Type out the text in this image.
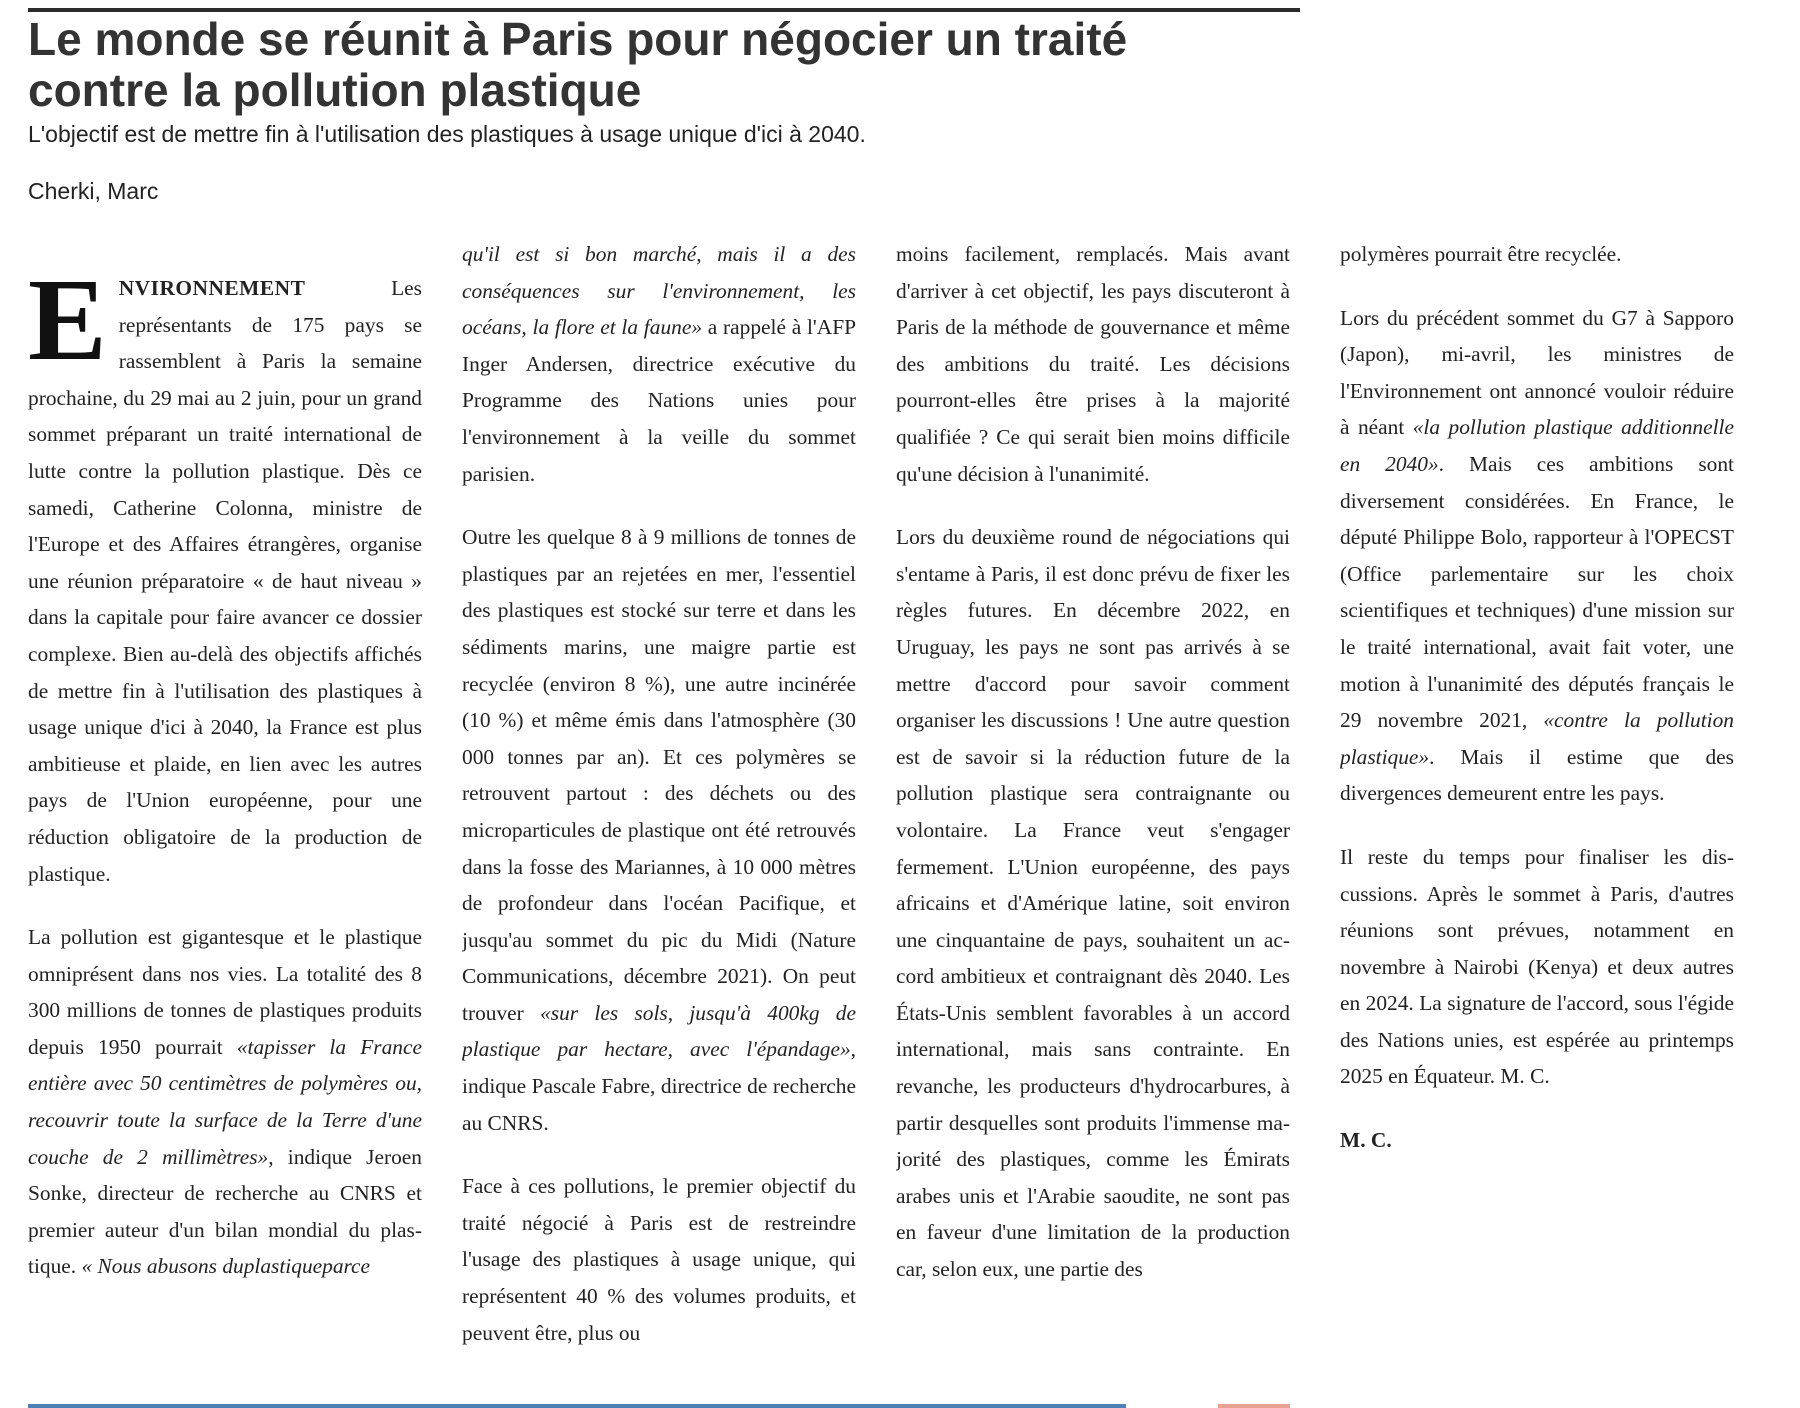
Le monde se réunit à Paris pour négocier un traité contre la pollution plastique

L'objectif est de mettre fin à l'utilisation des plastiques à usage unique d'ici à 2040.

Cherki, Marc

ENVIRONNEMENT Les représentants de 175 pays se rassemblent à Paris la semaine prochaine, du 29 mai au 2 juin, pour un grand sommet préparant un traité international de lutte contre la pollution plastique. Dès ce samedi, Catherine Colonna, ministre de l'Europe et des Affaires étrangères, organise une réunion préparatoire « de haut niveau » dans la capitale pour faire avancer ce dossier complexe. Bien au-delà des objectifs affichés de mettre fin à l'utilisation des plastiques à usage unique d'ici à 2040, la France est plus ambitieuse et plaide, en lien avec les autres pays de l'Union européenne, pour une réduction obligatoire de la production de plastique.

La pollution est gigantesque et le plastique omniprésent dans nos vies. La totalité des 8 300 millions de tonnes de plastiques produits depuis 1950 pourrait «tapisser la France entière avec 50 centimètres de polymères ou, recouvrir toute la surface de la Terre d'une couche de 2 millimètres», indique Jeroen Sonke, directeur de recherche au CNRS et premier auteur d'un bilan mondial du plastique. « Nous abusons duplastiqueparce

qu'il est si bon marché, mais il a des conséquences sur l'environnement, les océans, la flore et la faune» a rappelé à l'AFP Inger Andersen, directrice exécutive du Programme des Nations unies pour l'environnement à la veille du sommet parisien.

Outre les quelque 8 à 9 millions de tonnes de plastiques par an rejetées en mer, l'essentiel des plastiques est stocké sur terre et dans les sédiments marins, une maigre partie est recyclée (environ 8 %), une autre incinérée (10 %) et même émis dans l'atmosphère (30 000 tonnes par an). Et ces polymères se retrouvent partout : des déchets ou des microparticules de plastique ont été retrouvés dans la fosse des Mariannes, à 10 000 mètres de profondeur dans l'océan Pacifique, et jusqu'au sommet du pic du Midi (Nature Communications, décembre 2021). On peut trouver «sur les sols, jusqu'à 400kg de plastique par hectare, avec l'épandage», indique Pascale Fabre, directrice de recherche au CNRS.

Face à ces pollutions, le premier objectif du traité négocié à Paris est de restreindre l'usage des plastiques à usage unique, qui représentent 40 % des volumes produits, et peuvent être, plus ou

moins facilement, remplacés. Mais avant d'arriver à cet objectif, les pays discuteront à Paris de la méthode de gouvernance et même des ambitions du traité. Les décisions pourront-elles être prises à la majorité qualifiée ? Ce qui serait bien moins difficile qu'une décision à l'unanimité.

Lors du deuxième round de négociations qui s'entame à Paris, il est donc prévu de fixer les règles futures. En décembre 2022, en Uruguay, les pays ne sont pas arrivés à se mettre d'accord pour savoir comment organiser les discussions ! Une autre question est de savoir si la réduction future de la pollution plastique sera contraignante ou volontaire. La France veut s'engager fermement. L'Union européenne, des pays africains et d'Amérique latine, soit environ une cinquantaine de pays, souhaitent un accord ambitieux et contraignant dès 2040. Les États-Unis semblent favorables à un accord international, mais sans contrainte. En revanche, les producteurs d'hydrocarbures, à partir desquelles sont produits l'immense majorité des plastiques, comme les Émirats arabes unis et l'Arabie saoudite, ne sont pas en faveur d'une limitation de la production car, selon eux, une partie des

polymères pourrait être recyclée.

Lors du précédent sommet du G7 à Sapporo (Japon), mi-avril, les ministres de l'Environnement ont annoncé vouloir réduire à néant «la pollution plastique additionnelle en 2040». Mais ces ambitions sont diversement considérées. En France, le député Philippe Bolo, rapporteur à l'OPECST (Office parlementaire sur les choix scientifiques et techniques) d'une mission sur le traité international, avait fait voter, une motion à l'unanimité des députés français le 29 novembre 2021, «contre la pollution plastique». Mais il estime que des divergences demeurent entre les pays.

Il reste du temps pour finaliser les discussions. Après le sommet à Paris, d'autres réunions sont prévues, notamment en novembre à Nairobi (Kenya) et deux autres en 2024. La signature de l'accord, sous l'égide des Nations unies, est espérée au printemps 2025 en Équateur. M. C.

M. C.
